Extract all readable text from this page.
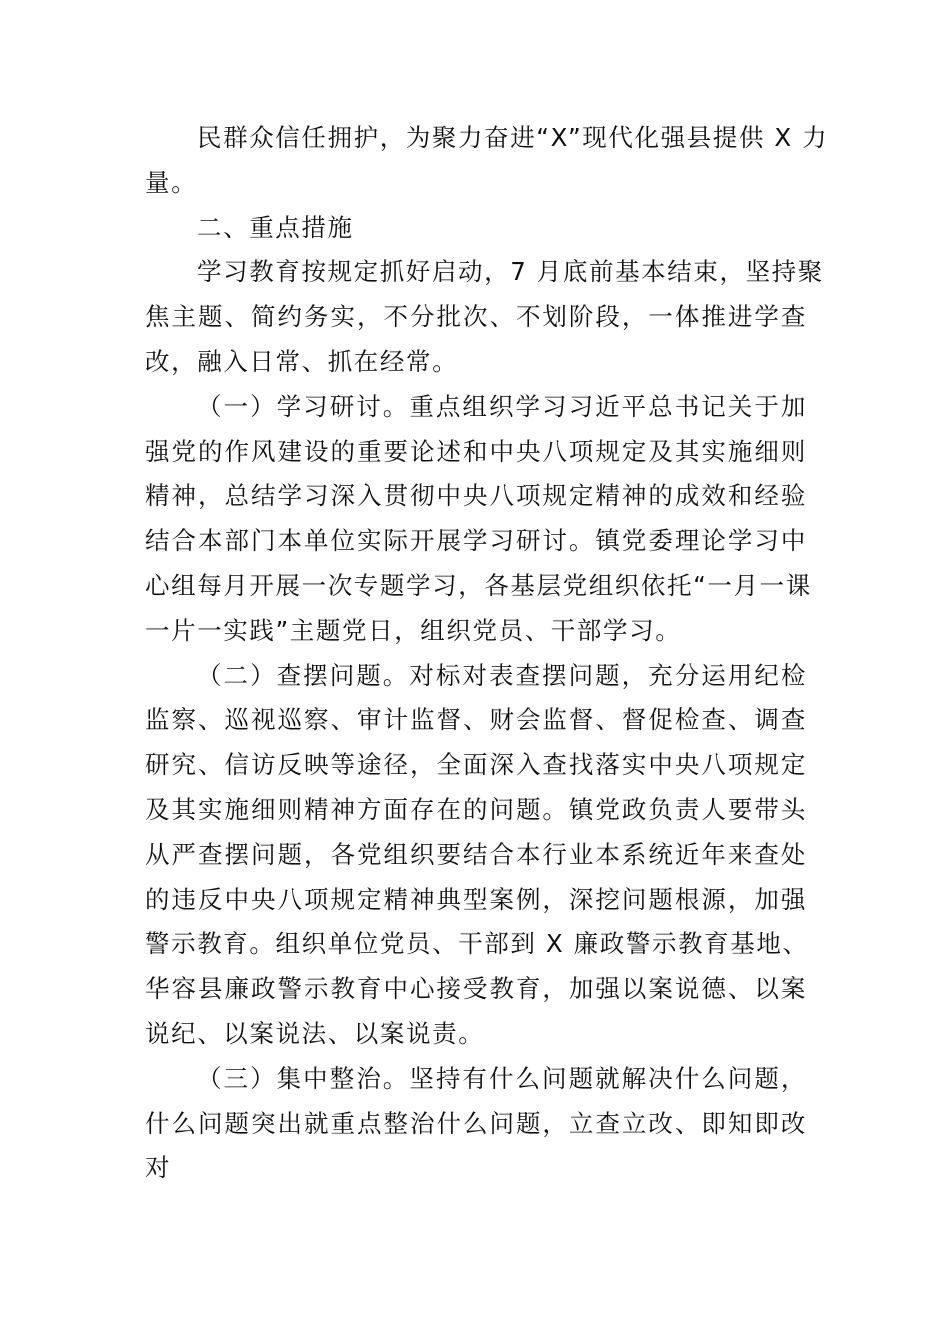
民群众信任拥护，为聚力奋进“X”现代化强县提供 X 力
量。

二、重点措施

学习教育按规定抓好启动，7 月底前基本结束，坚持聚
焦主题、简约务实，不分批次、不划阶段，一体推进学查
改，融入日常、抓在经常。

（一）学习研讨。重点组织学习习近平总书记关于加
强党的作风建设的重要论述和中央八项规定及其实施细则
精神，总结学习深入贯彻中央八项规定精神的成效和经验
结合本部门本单位实际开展学习研讨。镇党委理论学习中
心组每月开展一次专题学习，各基层党组织依托“一月一课
一片一实践”主题党日，组织党员、干部学习。

（二）查摆问题。对标对表查摆问题，充分运用纪检
监察、巡视巡察、审计监督、财会监督、督促检查、调查
研究、信访反映等途径，全面深入查找落实中央八项规定
及其实施细则精神方面存在的问题。镇党政负责人要带头
从严查摆问题，各党组织要结合本行业本系统近年来查处
的违反中央八项规定精神典型案例，深挖问题根源，加强
警示教育。组织单位党员、干部到 X 廉政警示教育基地、
华容县廉政警示教育中心接受教育，加强以案说德、以案
说纪、以案说法、以案说责。

（三）集中整治。坚持有什么问题就解决什么问题，
什么问题突出就重点整治什么问题，立查立改、即知即改
对
